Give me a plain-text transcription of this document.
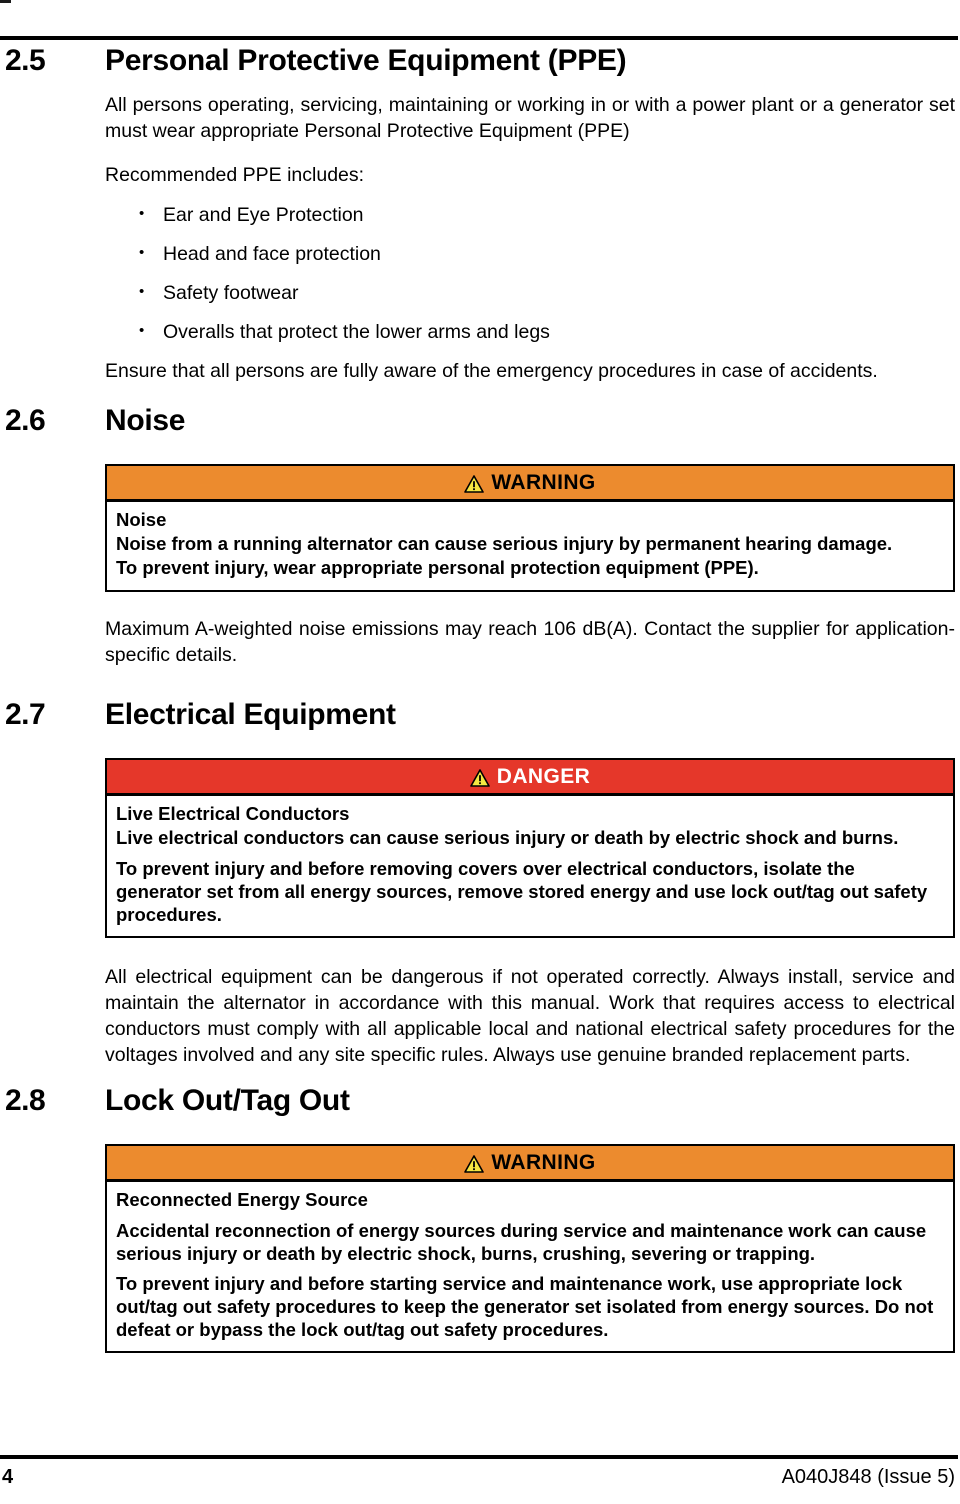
2.5	Personal Protective Equipment (PPE)

All persons operating, servicing, maintaining or working in or with a power plant or a generator set must wear appropriate Personal Protective Equipment (PPE)

Recommended PPE includes:

• Ear and Eye Protection
• Head and face protection
• Safety footwear
• Overalls that protect the lower arms and legs

Ensure that all persons are fully aware of the emergency procedures in case of accidents.

2.6	Noise
WARNING

Noise

Noise from a running alternator can cause serious injury by permanent hearing damage.

To prevent injury, wear appropriate personal protection equipment (PPE).

Maximum A-weighted noise emissions may reach 106 dB(A). Contact the supplier for application-specific details.

2.7	Electrical Equipment
DANGER

Live Electrical Conductors

Live electrical conductors can cause serious injury or death by electric shock and burns.

To prevent injury and before removing covers over electrical conductors, isolate the generator set from all energy sources, remove stored energy and use lock out/tag out safety procedures.

All electrical equipment can be dangerous if not operated correctly. Always install, service and maintain the alternator in accordance with this manual. Work that requires access to electrical conductors must comply with all applicable local and national electrical safety procedures for the voltages involved and any site specific rules. Always use genuine branded replacement parts.

2.8	Lock Out/Tag Out
WARNING

Reconnected Energy Source

Accidental reconnection of energy sources during service and maintenance work can cause serious injury or death by electric shock, burns, crushing, severing or trapping.

To prevent injury and before starting service and maintenance work, use appropriate lock out/tag out safety procedures to keep the generator set isolated from energy sources. Do not defeat or bypass the lock out/tag out safety procedures.

4	A040J848 (Issue 5)
